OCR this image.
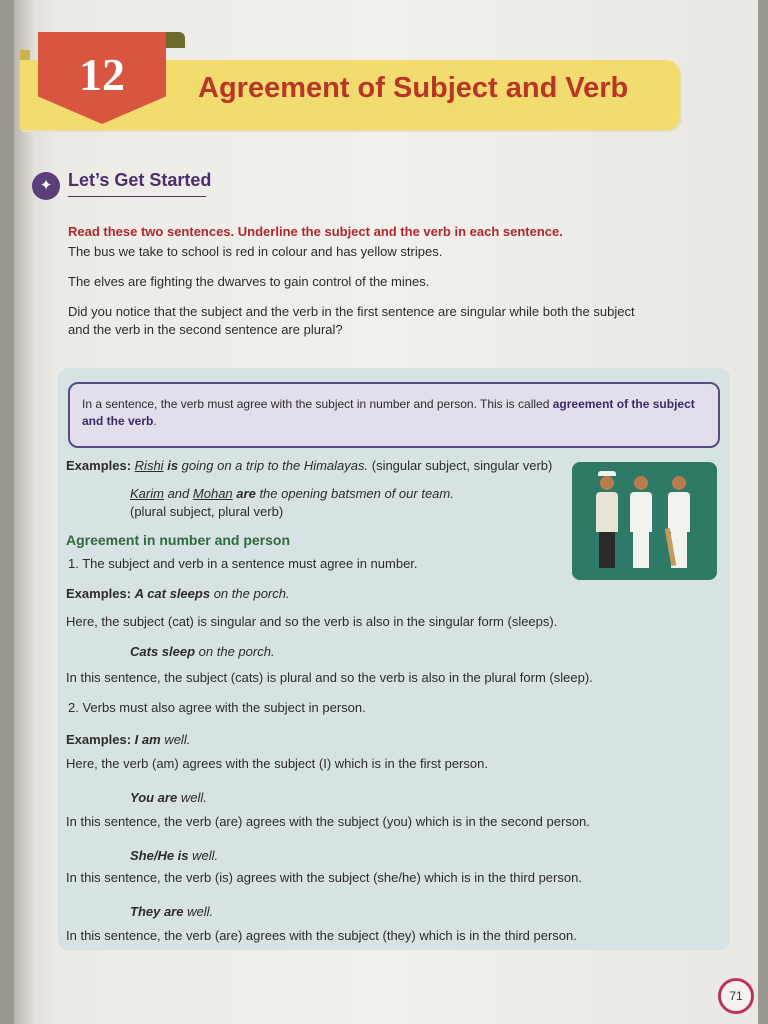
12	Agreement of Subject and Verb
✦ Let’s Get Started
Read these two sentences. Underline the subject and the verb in each sentence.
The bus we take to school is red in colour and has yellow stripes.
The elves are fighting the dwarves to gain control of the mines.
Did you notice that the subject and the verb in the first sentence are singular while both the subject
and the verb in the second sentence are plural?
In a sentence, the verb must agree with the subject in number and person. This is called agreement of the subject and the verb.
Examples: Rishi is going on a trip to the Himalayas. (singular subject, singular verb)
Karim and Mohan are the opening batsmen of our team.
(plural subject, plural verb)
Agreement in number and person
1. The subject and verb in a sentence must agree in number.
Examples: A cat sleeps on the porch.
Here, the subject (cat) is singular and so the verb is also in the singular form (sleeps).
Cats sleep on the porch.
In this sentence, the subject (cats) is plural and so the verb is also in the plural form (sleep).
2. Verbs must also agree with the subject in person.
Examples: I am well.
Here, the verb (am) agrees with the subject (I) which is in the first person.
You are well.
In this sentence, the verb (are) agrees with the subject (you) which is in the second person.
She/He is well.
In this sentence, the verb (is) agrees with the subject (she/he) which is in the third person.
They are well.
In this sentence, the verb (are) agrees with the subject (they) which is in the third person.
71
